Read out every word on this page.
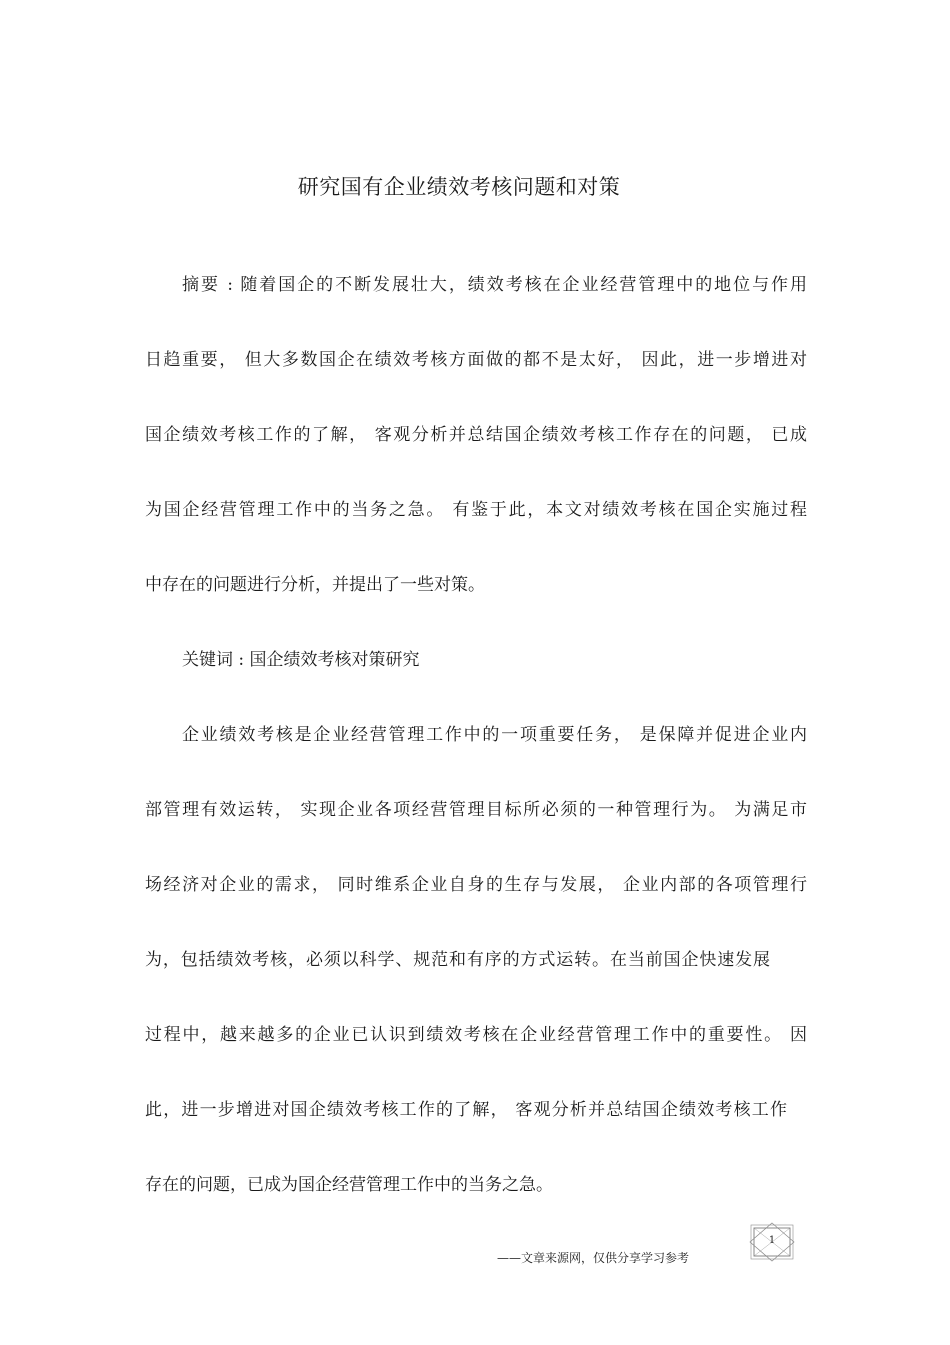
研究国有企业绩效考核问题和对策
摘要 : 随着国企的不断发展壮大，绩效考核在企业经营管理中的地位与作用
日趋重要， 但大多数国企在绩效考核方面做的都不是太好， 因此，进一步增进对
国企绩效考核工作的了解， 客观分析并总结国企绩效考核工作存在的问题， 已成
为国企经营管理工作中的当务之急。 有鉴于此，本文对绩效考核在国企实施过程
中存在的问题进行分析，并提出了一些对策。
关键词 : 国企绩效考核对策研究
企业绩效考核是企业经营管理工作中的一项重要任务， 是保障并促进企业内
部管理有效运转， 实现企业各项经营管理目标所必须的一种管理行为。 为满足市
场经济对企业的需求， 同时维系企业自身的生存与发展， 企业内部的各项管理行
为，包括绩效考核，必须以科学、规范和有序的方式运转。在当前国企快速发展
过程中，越来越多的企业已认识到绩效考核在企业经营管理工作中的重要性。 因
此，进一步增进对国企绩效考核工作的了解， 客观分析并总结国企绩效考核工作
存在的问题，已成为国企经营管理工作中的当务之急。
——文章来源网，仅供分享学习参考
1
